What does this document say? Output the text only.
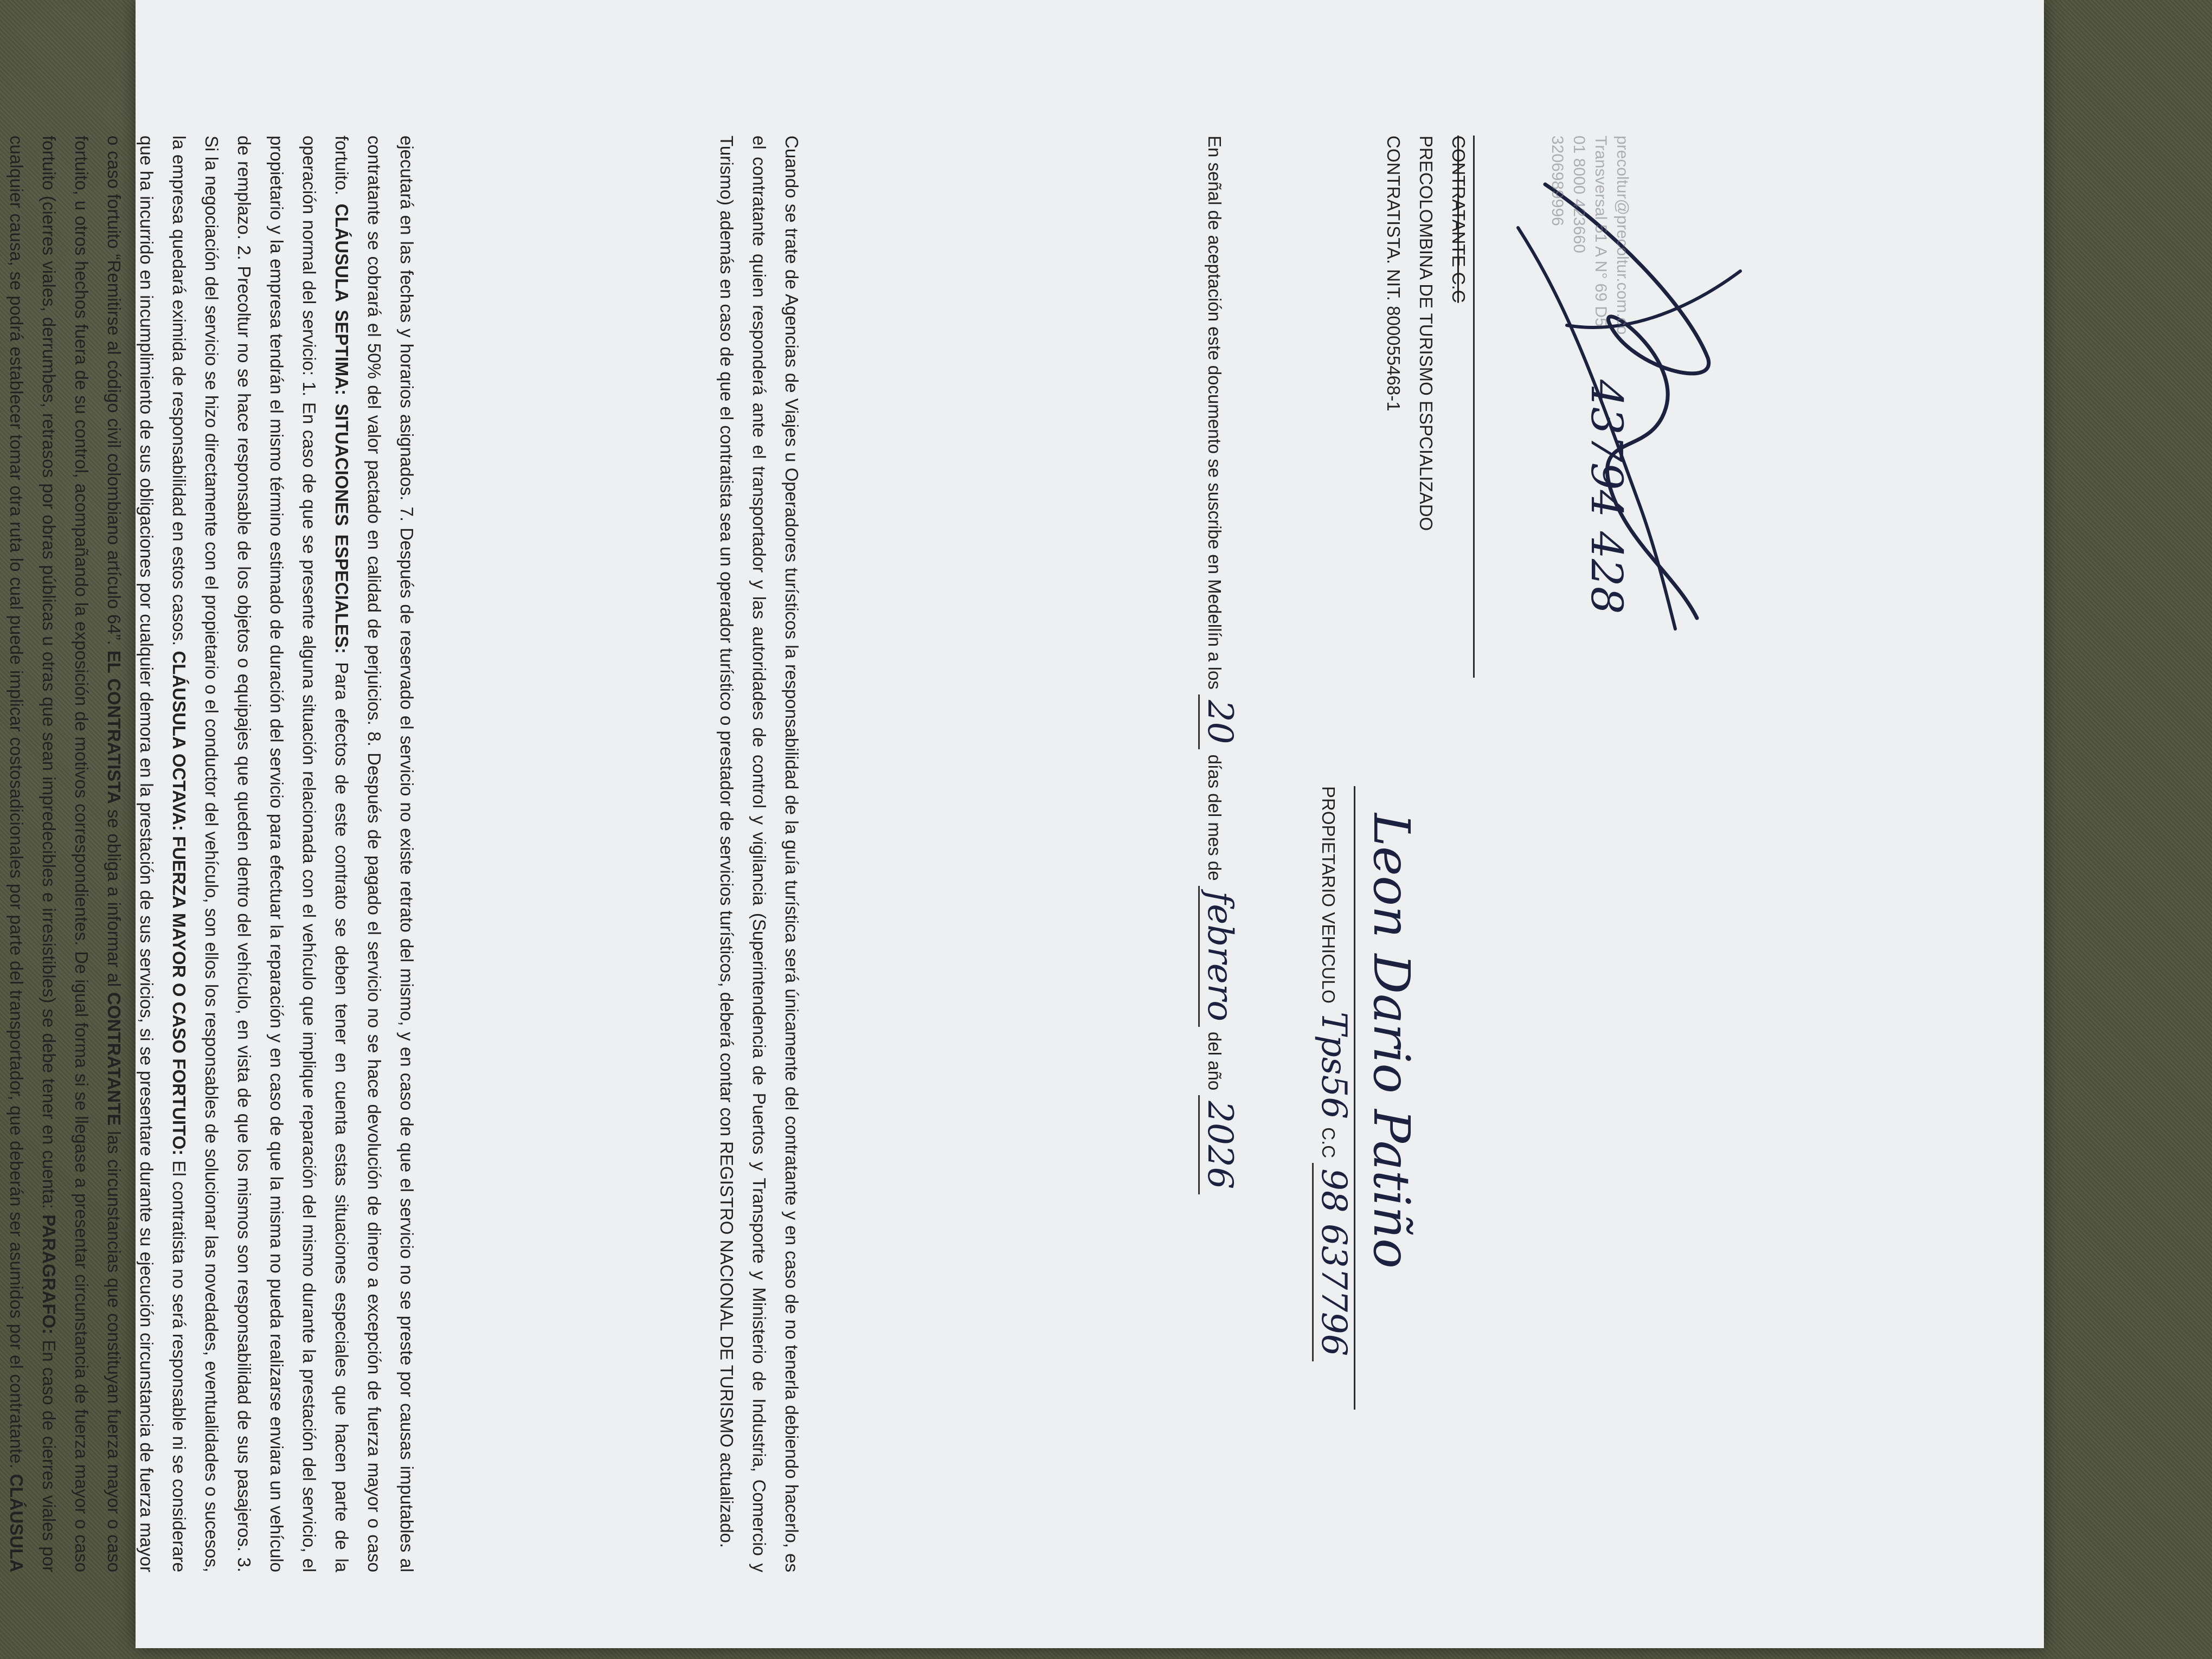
ejecutará en las fechas y horarios asignados. 7. Después de reservado el servicio no existe retrato del mismo, y en caso de que el servicio no se preste por causas imputables al contratante se cobrará el 50% del valor pactado en calidad de perjuicios. 8. Después de pagado el servicio no se hace devolución de dinero a excepción de fuerza mayor o caso fortuito. CLÁUSULA SEPTIMA: SITUACIONES ESPECIALES: Para efectos de este contrato se deben tener en cuenta estas situaciones especiales que hacen parte de la operación normal del servicio: 1. En caso de que se presente alguna situación relacionada con el vehículo que implique reparación del mismo durante la prestación del servicio, el propietario y la empresa tendrán el mismo término estimado de duración del servicio para efectuar la reparación y en caso de que la misma no pueda realizarse enviara un vehículo de remplazo. 2. Precoltur no se hace responsable de los objetos o equipajes que queden dentro del vehículo, en vista de que los mismos son responsabilidad de sus pasajeros. 3. Si la negociación del servicio se hizo directamente con el propietario o el conductor del vehículo, son ellos los responsables de solucionar las novedades, eventualidades o sucesos, la empresa quedará eximida de responsabilidad en estos casos. CLÁUSULA OCTAVA: FUERZA MAYOR O CASO FORTUITO: El contratista no será responsable ni se considerare que ha incurrido en incumplimiento de sus obligaciones por cualquier demora en la prestación de sus servicios, si se presentare durante su ejecución circunstancia de fuerza mayor o caso fortuito “Remitirse al código civil colombiano artículo 64”. EL CONTRATISTA se obliga a informar al CONTRATANTE las circunstancias que constituyan fuerza mayor o caso fortuito, u otros hechos fuera de su control, acompañando la exposición de motivos correspondientes. De igual forma si se llegase a presentar circunstancia de fuerza mayor o caso fortuito (cierres viales, derrumbes, retrasos por obras públicas u otras que sean impredecibles e irresistibles) se debe tener en cuenta: PARAGRAFO: En caso de cierres viales por cualquier causa, se podrá establecer tomar otra ruta lo cual puede implicar costosadicionales por parte del transportador, que deberán ser asumidos por el contratante. CLÁUSULA	Cuando se trate de Agencias de Viajes u Operadores turísticos la responsabilidad de la guía turística será únicamente del contratante y en caso de no tenerla debiendo hacerlo, es el contratante quien responderá ante el transportador y las autoridades de control y vigilancia (Superintendencia de Puertos y Transporte y Ministerio de Industria, Comercio y Turismo) además en caso de que el contratista sea un operador turístico o prestador de servicios turísticos, deberá contar con REGISTRO NACIONAL DE TURISMO actualizado.	En señal de aceptación este documento se suscribe en Medellín a los 20 días del mes de febrero del año 2026
PRECOLOMBINA DE TURISMO ESPCIALIZADO
CONTRATISTA. NIT. 800055468-1
Leon Dario Patiño
PROPIETARIO VEHICULO Tps56 C.C 98 637796
43794 428
CONTRATANTE C.C	3206989996 01 8000 423660 Transversal 51 A N° 69 D5 precoltur@precoltur.com.co
